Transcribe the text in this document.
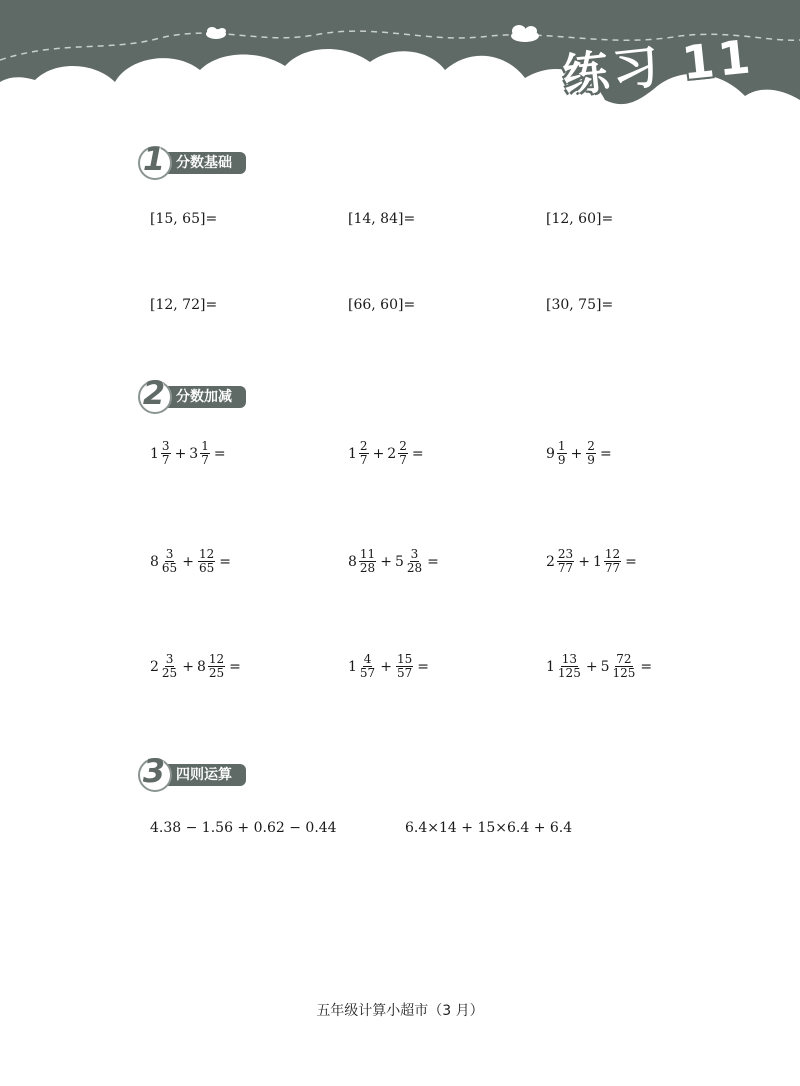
练习 11
分数基础
1
[15, 65]=	[14, 84]=	[12, 60]=
[12, 72]=	[66, 60]=	[30, 75]=
分数加减
2
$1 \frac{3}{7} + 3 \frac{1}{7}$ =	$1 \frac{2}{7} + 2 \frac{2}{7}$ =	$9 \frac{1}{9} + \frac{2}{9}$ =
$8 \frac{3}{65} + \frac{12}{65}$ =	$8 \frac{11}{28} + 5 \frac{3}{28}$ =	$2 \frac{23}{77} + 1 \frac{12}{77}$ =
$2 \frac{3}{25} + 8 \frac{12}{25}$ =	$1 \frac{4}{57} + \frac{15}{57}$ =	$1 \frac{13}{125} + 5 \frac{72}{125}$ =
四则运算
3
4.38 − 1.56 + 0.62 − 0.44	6.4×14 + 15×6.4 + 6.4
五年级计算小超市（3 月）
